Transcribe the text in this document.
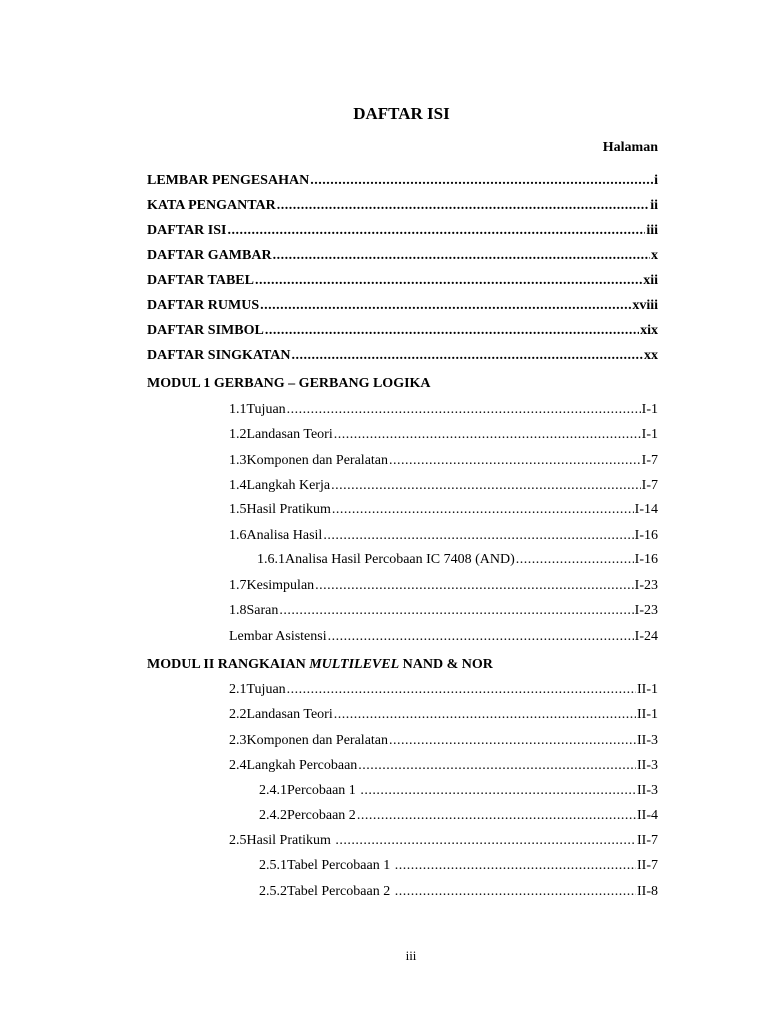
DAFTAR ISI
Halaman
LEMBAR PENGESAHAN .....	i
KATA PENGANTAR .....	ii
DAFTAR ISI .....	iii
DAFTAR GAMBAR .....	x
DAFTAR TABEL .....	xii
DAFTAR RUMUS .....	xviii
DAFTAR SIMBOL .....	xix
DAFTAR SINGKATAN .....	xx
MODUL 1 GERBANG – GERBANG LOGIKA
1.1 Tujuan .....	I-1
1.2 Landasan Teori .....	I-1
1.3 Komponen dan Peralatan .....	I-7
1.4 Langkah Kerja .....	I-7
1.5 Hasil Pratikum .....	I-14
1.6 Analisa Hasil .....	I-16
1.6.1 Analisa Hasil Percobaan IC 7408 (AND) .....	I-16
1.7 Kesimpulan .....	I-23
1.8 Saran .....	I-23
Lembar Asistensi .....	I-24
MODUL II RANGKAIAN MULTILEVEL NAND & NOR
2.1 Tujuan .....	II-1
2.2 Landasan Teori .....	II-1
2.3 Komponen dan Peralatan .....	II-3
2.4 Langkah Percobaan .....	II-3
2.4.1 Percobaan 1 .....	II-3
2.4.2 Percobaan 2 .....	II-4
2.5 Hasil Pratikum .....	II-7
2.5.1 Tabel Percobaan 1 .....	II-7
2.5.2 Tabel Percobaan 2 .....	II-8
iii
